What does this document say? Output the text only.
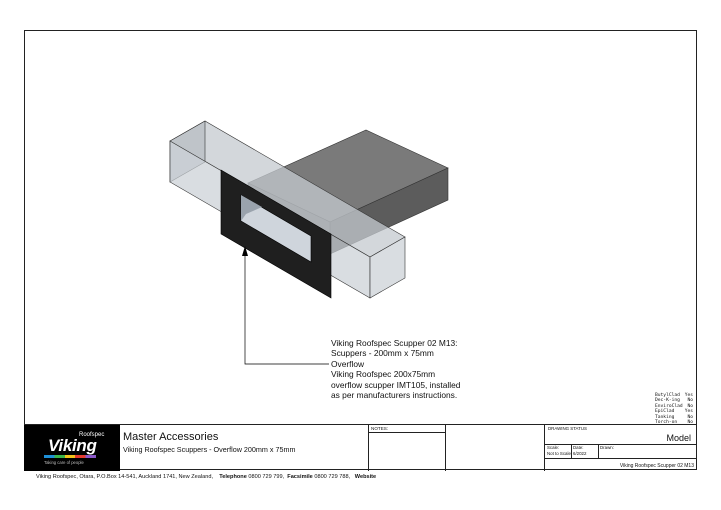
Viking Roofspec Scupper 02 M13:
Scuppers - 200mm x 75mm
Overflow
Viking Roofspec 200x75mm
overflow scupper IMT105, installed
as per manufacturers instructions.	ButylClad Yes
Dec-K-ing No
EnviroClad No
EpiClad Yes
Tanking	No
Torch-on No
Roofspec
Viking
Taking care of people
Master Accessories
Viking Roofspec Scuppers - Overflow 200mm x 75mm
NOTES:	DRAWING STATUS
Model
Scale:
Not to Scale
Date:
6/2022
Drawn:
Viking Roofspec Scupper 02 M13
Viking Roofspec, Otara, P.O.Box 14-541, Auckland 1741, New Zealand, Telephone 0800 729 799, Facsimile 0800 729 788, Website
